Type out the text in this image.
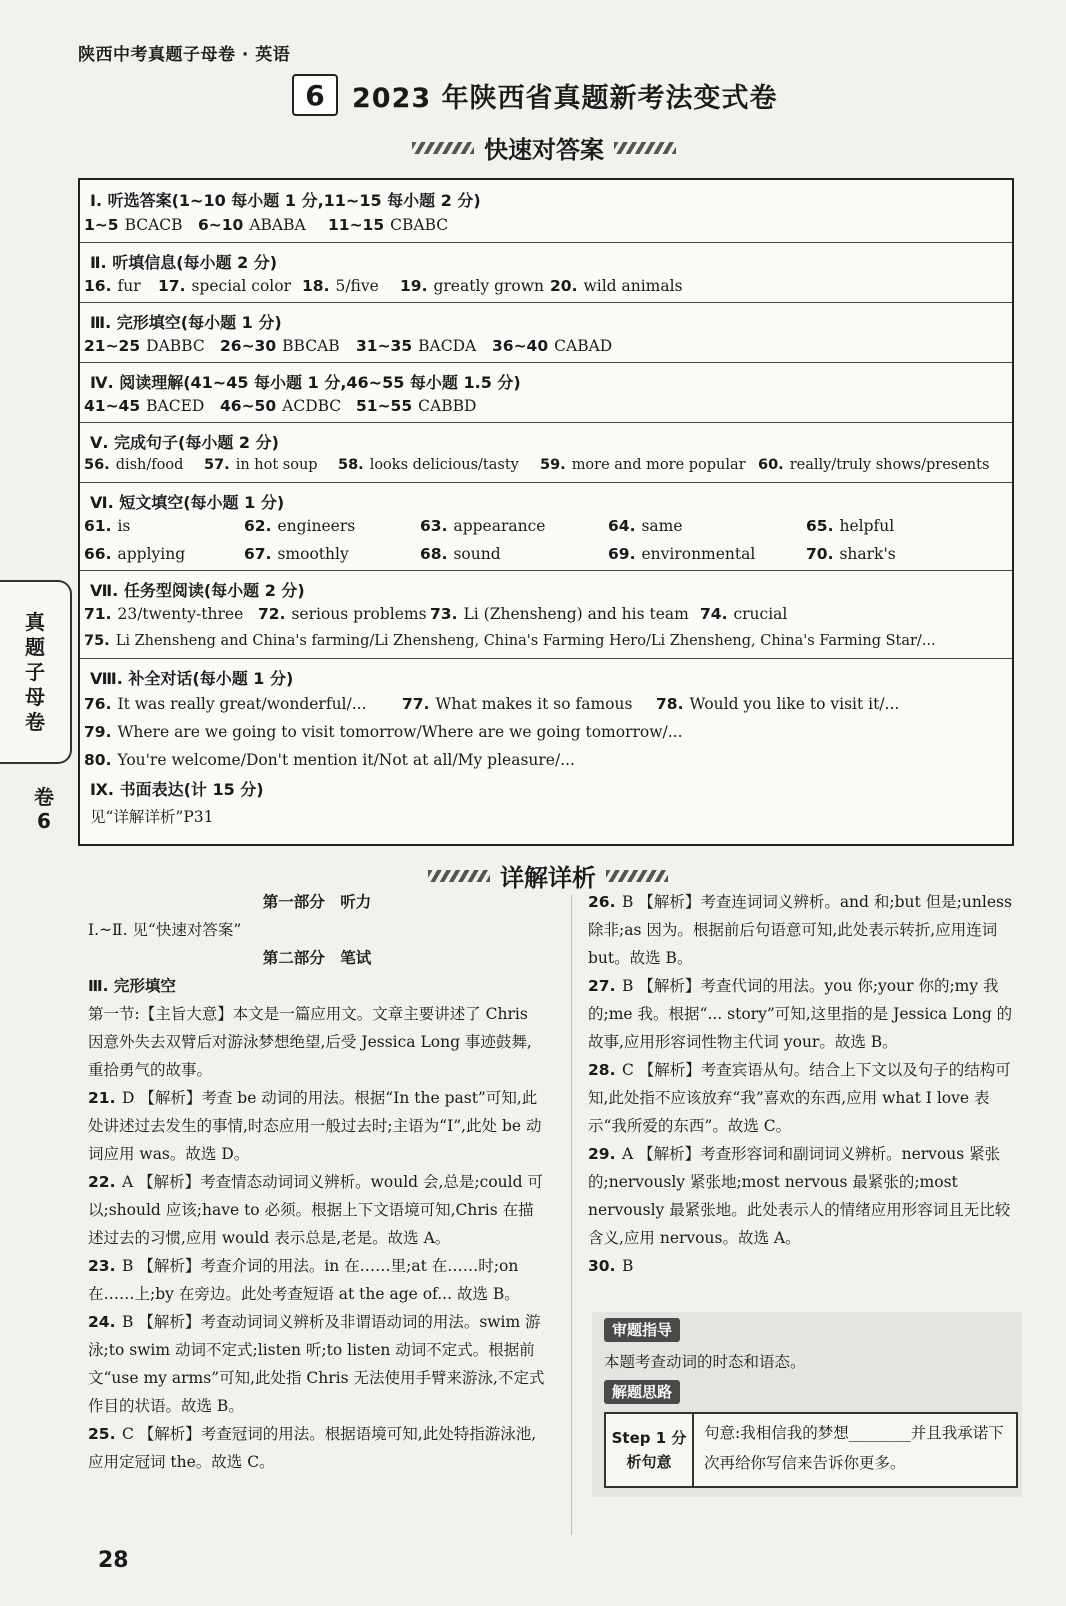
陕西中考真题子母卷 · 英语
6	2023 年陕西省真题新考法变式卷
快速对答案
Ⅰ. 听选答案(1~10 每小题 1 分,11~15 每小题 2 分)
1~5 BCACB 6~10 ABABA 11~15 CBABC
Ⅱ. 听填信息(每小题 2 分)
16. fur 17. special color 18. 5/five 19. greatly grown 20. wild animals
Ⅲ. 完形填空(每小题 1 分)
21~25 DABBC 26~30 BBCAB 31~35 BACDA 36~40 CABAD
Ⅳ. 阅读理解(41~45 每小题 1 分,46~55 每小题 1.5 分)
41~45 BACED 46~50 ACDBC 51~55 CABBD
Ⅴ. 完成句子(每小题 2 分)
56. dish/food 57. in hot soup 58. looks delicious/tasty 59. more and more popular 60. really/truly shows/presents
Ⅵ. 短文填空(每小题 1 分)
61. is	62. engineers	63. appearance	64. same	65. helpful
66. applying	67. smoothly	68. sound	69. environmental	70. shark's
Ⅶ. 任务型阅读(每小题 2 分)
71. 23/twenty-three 72. serious problems 73. Li (Zhensheng) and his team 74. crucial
75. Li Zhensheng and China's farming/Li Zhensheng, China's Farming Hero/Li Zhensheng, China's Farming Star/...
Ⅷ. 补全对话(每小题 1 分)
76. It was really great/wonderful/... 77. What makes it so famous 78. Would you like to visit it/...
79. Where are we going to visit tomorrow/Where are we going tomorrow/...
80. You're welcome/Don't mention it/Not at all/My pleasure/...
Ⅸ. 书面表达(计 15 分)
见“详解详析”P31
真
题
子
母
卷
卷
6
详解详析

第一部分　听力

Ⅰ.~Ⅱ. 见“快速对答案”

第二部分　笔试

Ⅲ. 完形填空

第一节:【主旨大意】本文是一篇应用文。文章主要讲述了 Chris 因意外失去双臂后对游泳梦想绝望,后受 Jessica Long 事迹鼓舞,重拾勇气的故事。

21. D 【解析】考查 be 动词的用法。根据“In the past”可知,此处讲述过去发生的事情,时态应用一般过去时;主语为“I”,此处 be 动词应用 was。故选 D。

22. A 【解析】考查情态动词词义辨析。would 会,总是;could 可以;should 应该;have to 必须。根据上下文语境可知,Chris 在描述过去的习惯,应用 would 表示总是,老是。故选 A。

23. B 【解析】考查介词的用法。in 在……里;at 在……时;on 在……上;by 在旁边。此处考查短语 at the age of... 故选 B。

24. B 【解析】考查动词词义辨析及非谓语动词的用法。swim 游泳;to swim 动词不定式;listen 听;to listen 动词不定式。根据前文“use my arms”可知,此处指 Chris 无法使用手臂来游泳,不定式作目的状语。故选 B。

25. C 【解析】考查冠词的用法。根据语境可知,此处特指游泳池,应用定冠词 the。故选 C。

26. B 【解析】考查连词词义辨析。and 和;but 但是;unless 除非;as 因为。根据前后句语意可知,此处表示转折,应用连词 but。故选 B。

27. B 【解析】考查代词的用法。you 你;your 你的;my 我的;me 我。根据“... story”可知,这里指的是 Jessica Long 的故事,应用形容词性物主代词 your。故选 B。

28. C 【解析】考查宾语从句。结合上下文以及句子的结构可知,此处指不应该放弃“我”喜欢的东西,应用 what I love 表示“我所爱的东西”。故选 C。

29. A 【解析】考查形容词和副词词义辨析。nervous 紧张的;nervously 紧张地;most nervous 最紧张的;most nervously 最紧张地。此处表示人的情绪应用形容词且无比较含义,应用 nervous。故选 A。

30. B

审题指导
本题考查动词的时态和语态。
解题思路
Step 1 分析句意
句意:我相信我的梦想________并且我承诺下次再给你写信来告诉你更多。
28
